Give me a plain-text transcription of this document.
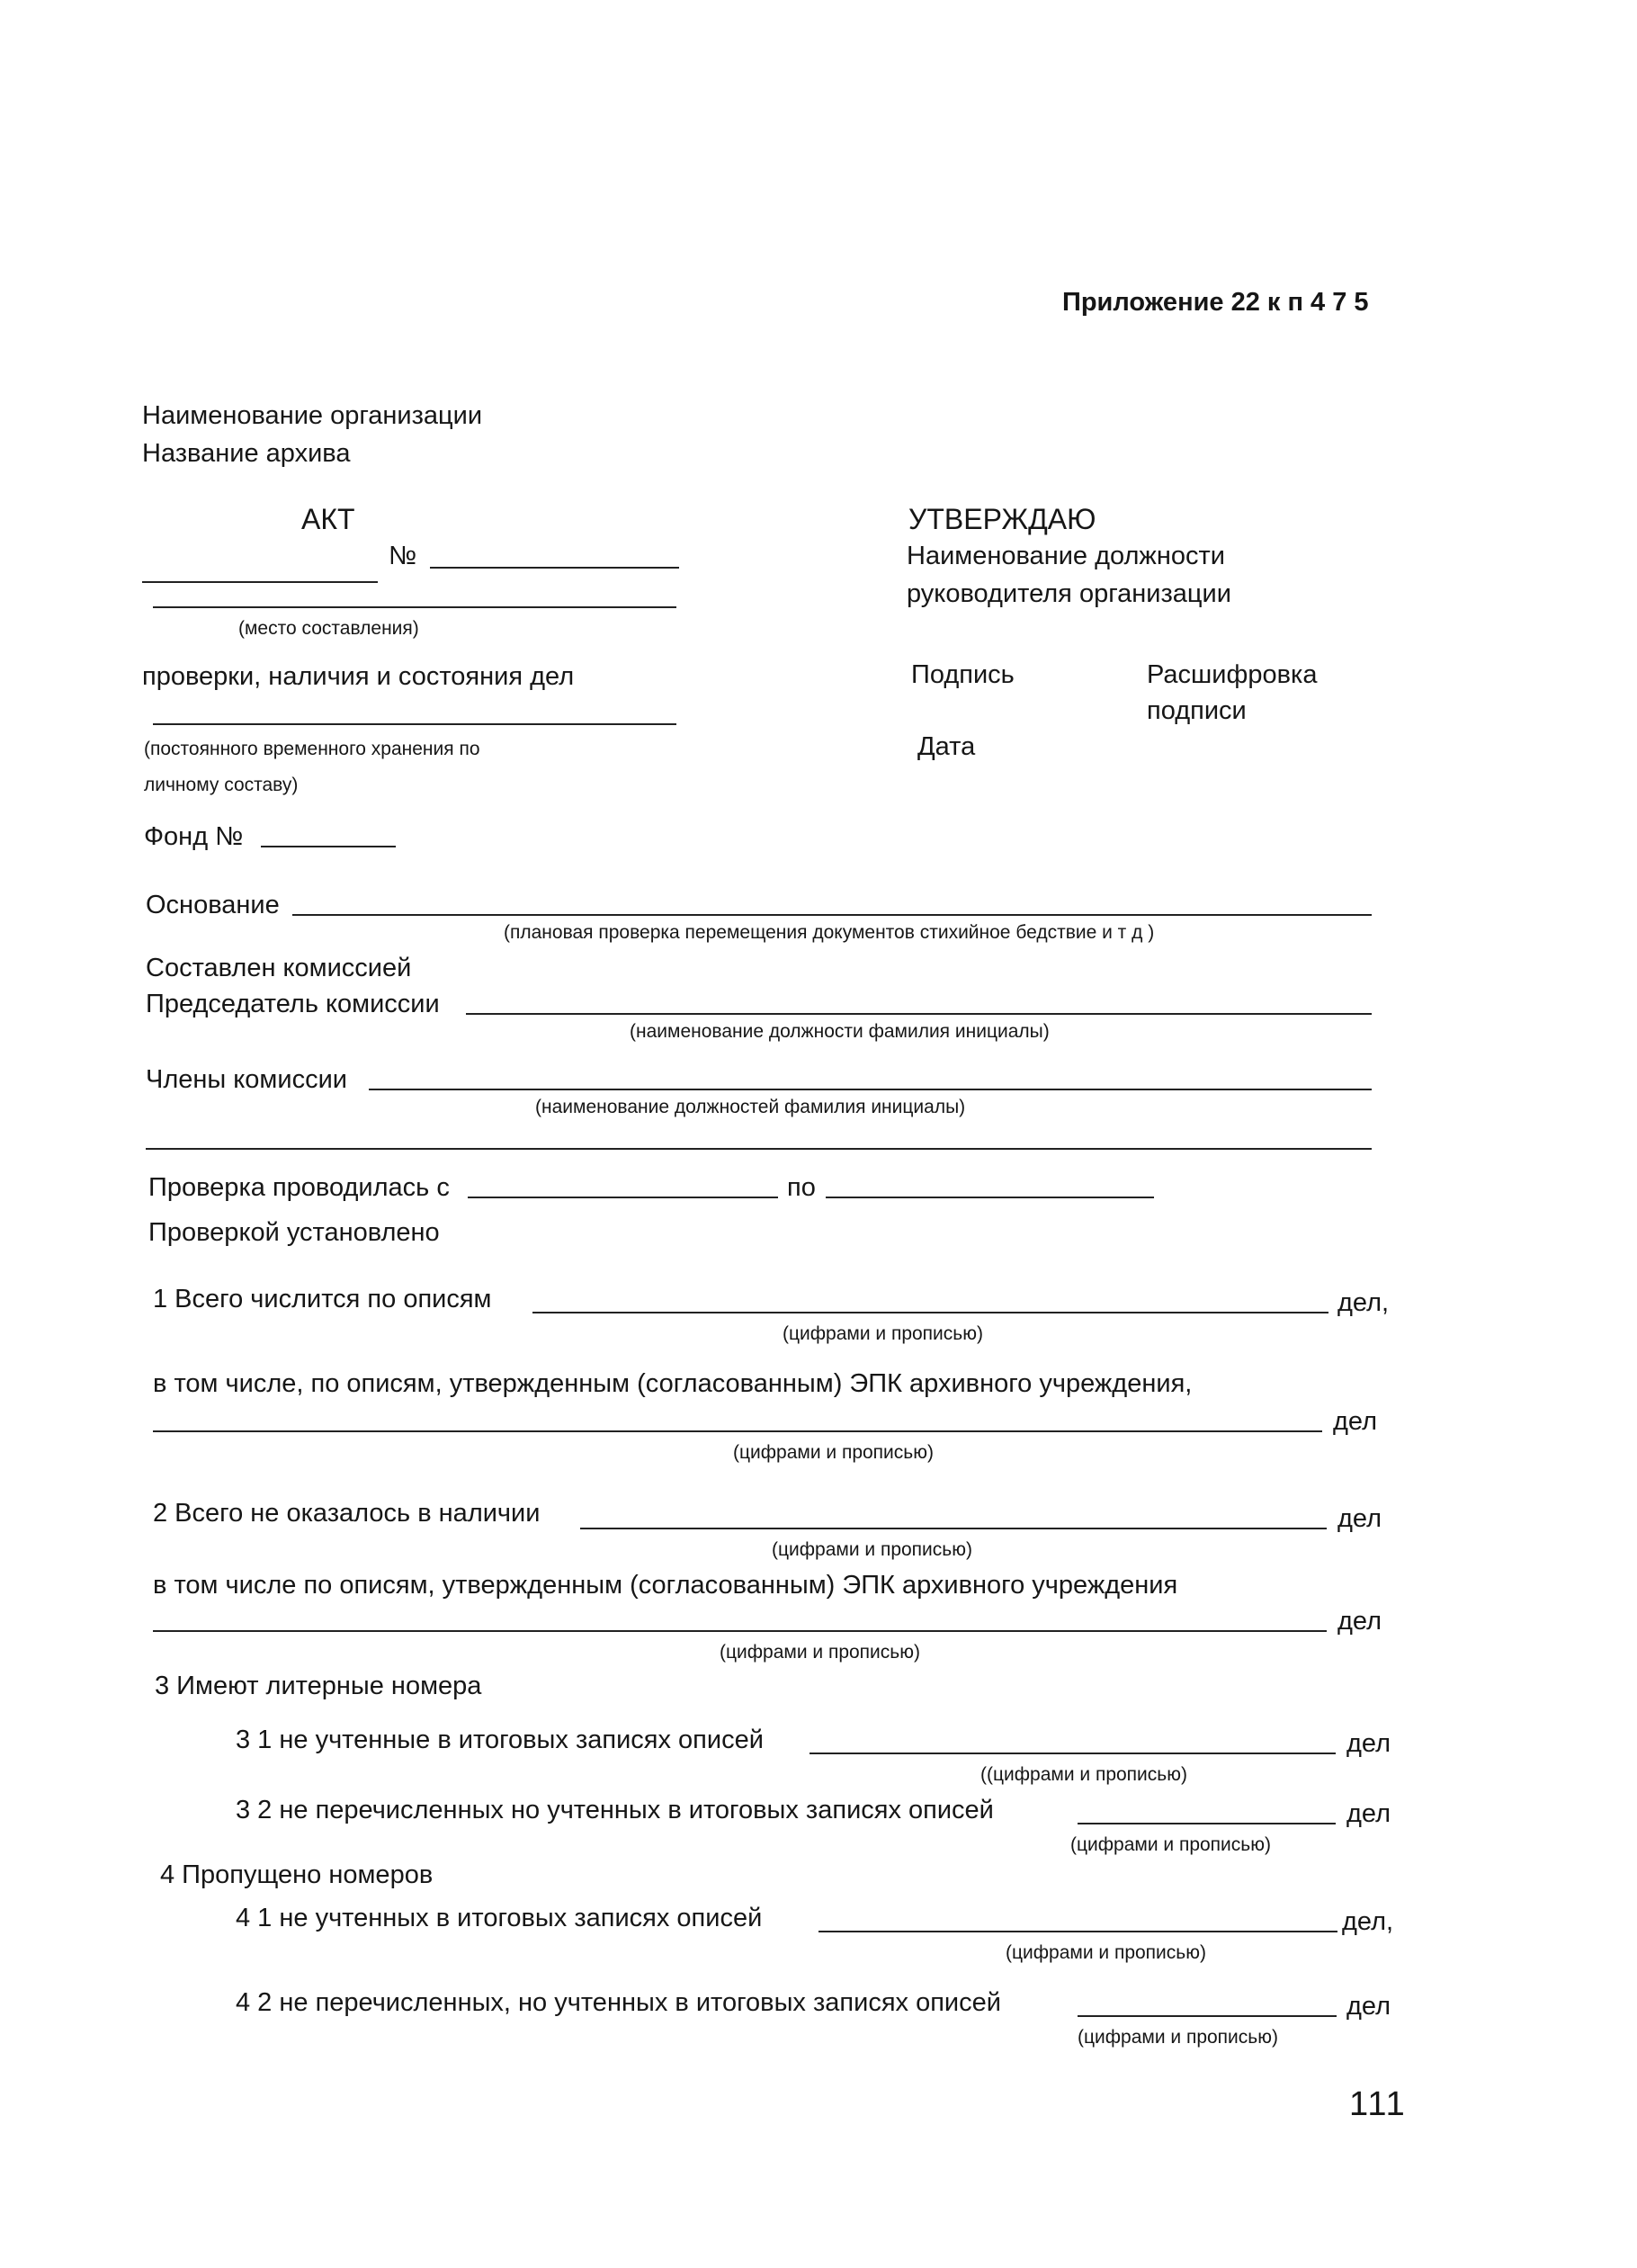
Приложение 22 к п 4 7 5
Наименование организации
Название архива
АКТ
№
(место составления)
проверки, наличия и состояния дел
(постоянного временного хранения по
личному составу)
Фонд №
УТВЕРЖДАЮ
Наименование должности
руководителя организации
Подпись	Расшифровка
подписи
Дата
Основание
(плановая проверка перемещения документов стихийное бедствие и т д )
Составлен комиссией
Председатель комиссии
(наименование должности фамилия инициалы)
Члены комиссии
(наименование должностей фамилия инициалы)
Проверка проводилась с	по
Проверкой установлено
1 Всего числится по описям	дел,
(цифрами и прописью)
в том числе, по описям, утвержденным (согласованным) ЭПК архивного учреждения,
дел
(цифрами и прописью)
2 Всего не оказалось в наличии	дел
(цифрами и прописью)
в том числе по описям, утвержденным (согласованным) ЭПК архивного учреждения
дел
(цифрами и прописью)
3 Имеют литерные номера
3 1 не учтенные в итоговых записях описей	дел
((цифрами и прописью)
3 2 не перечисленных но учтенных в итоговых записях описей	дел
(цифрами и прописью)
4 Пропущено номеров
4 1 не учтенных в итоговых записях описей	дел,
(цифрами и прописью)
4 2 не перечисленных, но учтенных в итоговых записях описей	дел
(цифрами и прописью)
111
